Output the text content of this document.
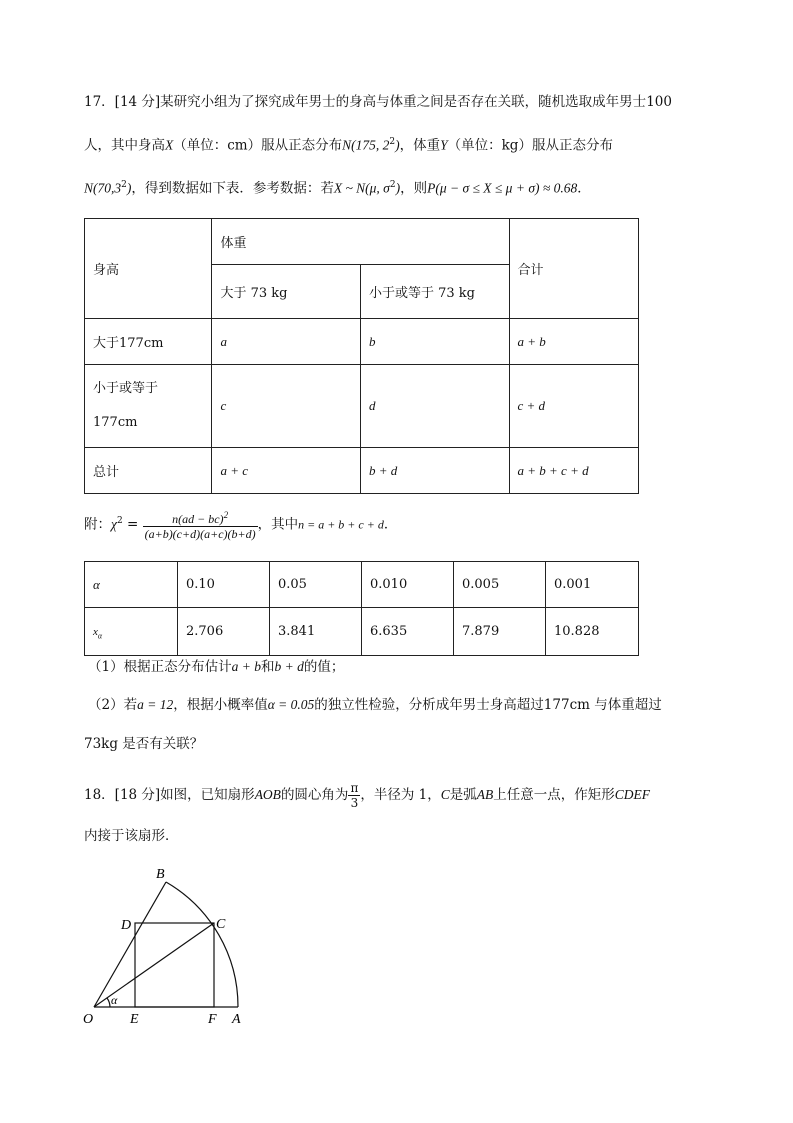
17．[14 分]某研究小组为了探究成年男士的身高与体重之间是否存在关联，随机选取成年男士100
人，其中身高X（单位：cm）服从正态分布N(175, $2^2$)，体重Y（单位：kg）服从正态分布
N(70,3$^2$)，得到数据如下表．参考数据：若X ~ N(μ, $\sigma^2$)，则P(μ − σ ≤ X ≤ μ + σ) ≈ 0.68．
身高	体重		合计
	大于 73 kg	小于或等于 73 kg	
大于177cm	a	b	a + b
小于或等于
177cm	c	d	c + d
总计	a + c	b + d	a + b + c + d
附：$\chi^2 = \frac{n(ad - bc)^2}{(a+b)(c+d)(a+c)(b+d)}$ ，其中n = a + b + c + d．
α	0.10	0.05	0.010	0.005	0.001
$x_\alpha$	2.706	3.841	6.635	7.879	10.828
（1）根据正态分布估计a + b和b + d的值；
（2）若a = 12，根据小概率值α = 0.05的独立性检验，分析成年男士身高超过177cm 与体重超过
73kg 是否有关联？
18．[18 分]如图，已知扇形AOB的圆心角为 $\frac{\pi}{3}$ ，半径为 1，C是弧AB上任意一点，作矩形CDEF
内接于该扇形．
B
D	C
O	E	F A
α
